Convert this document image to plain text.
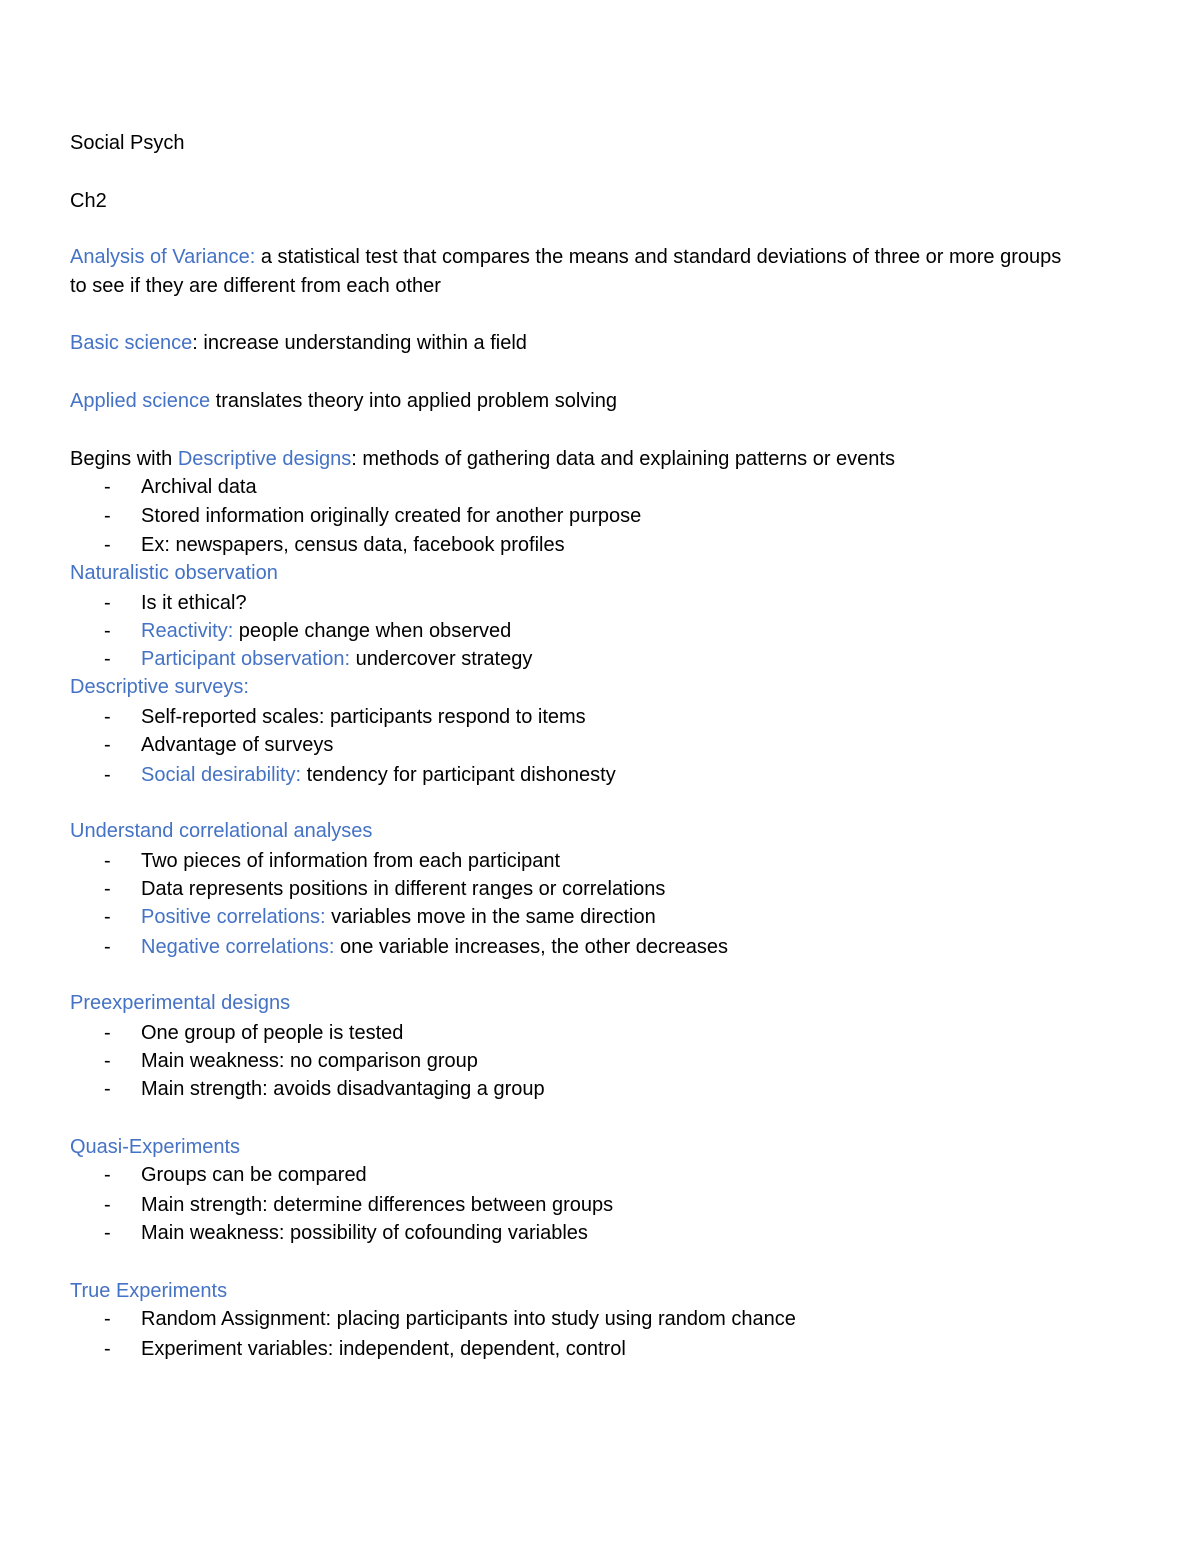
Social Psych
Ch2
Analysis of Variance: a statistical test that compares the means and standard deviations of three or more groups to see if they are different from each other
Basic science: increase understanding within a field
Applied science translates theory into applied problem solving
Begins with Descriptive designs: methods of gathering data and explaining patterns or events
-	Archival data
-	Stored information originally created for another purpose
-	Ex: newspapers, census data, facebook profiles
Naturalistic observation
-	Is it ethical?
-	Reactivity: people change when observed
-	Participant observation: undercover strategy
Descriptive surveys:
-	Self-reported scales: participants respond to items
-	Advantage of surveys
-	Social desirability: tendency for participant dishonesty
Understand correlational analyses
-	Two pieces of information from each participant
-	Data represents positions in different ranges or correlations
-	Positive correlations: variables move in the same direction
-	Negative correlations: one variable increases, the other decreases
Preexperimental designs
-	One group of people is tested
-	Main weakness: no comparison group
-	Main strength: avoids disadvantaging a group
Quasi-Experiments
-	Groups can be compared
-	Main strength: determine differences between groups
-	Main weakness: possibility of cofounding variables
True Experiments
-	Random Assignment: placing participants into study using random chance
-	Experiment variables: independent, dependent, control
